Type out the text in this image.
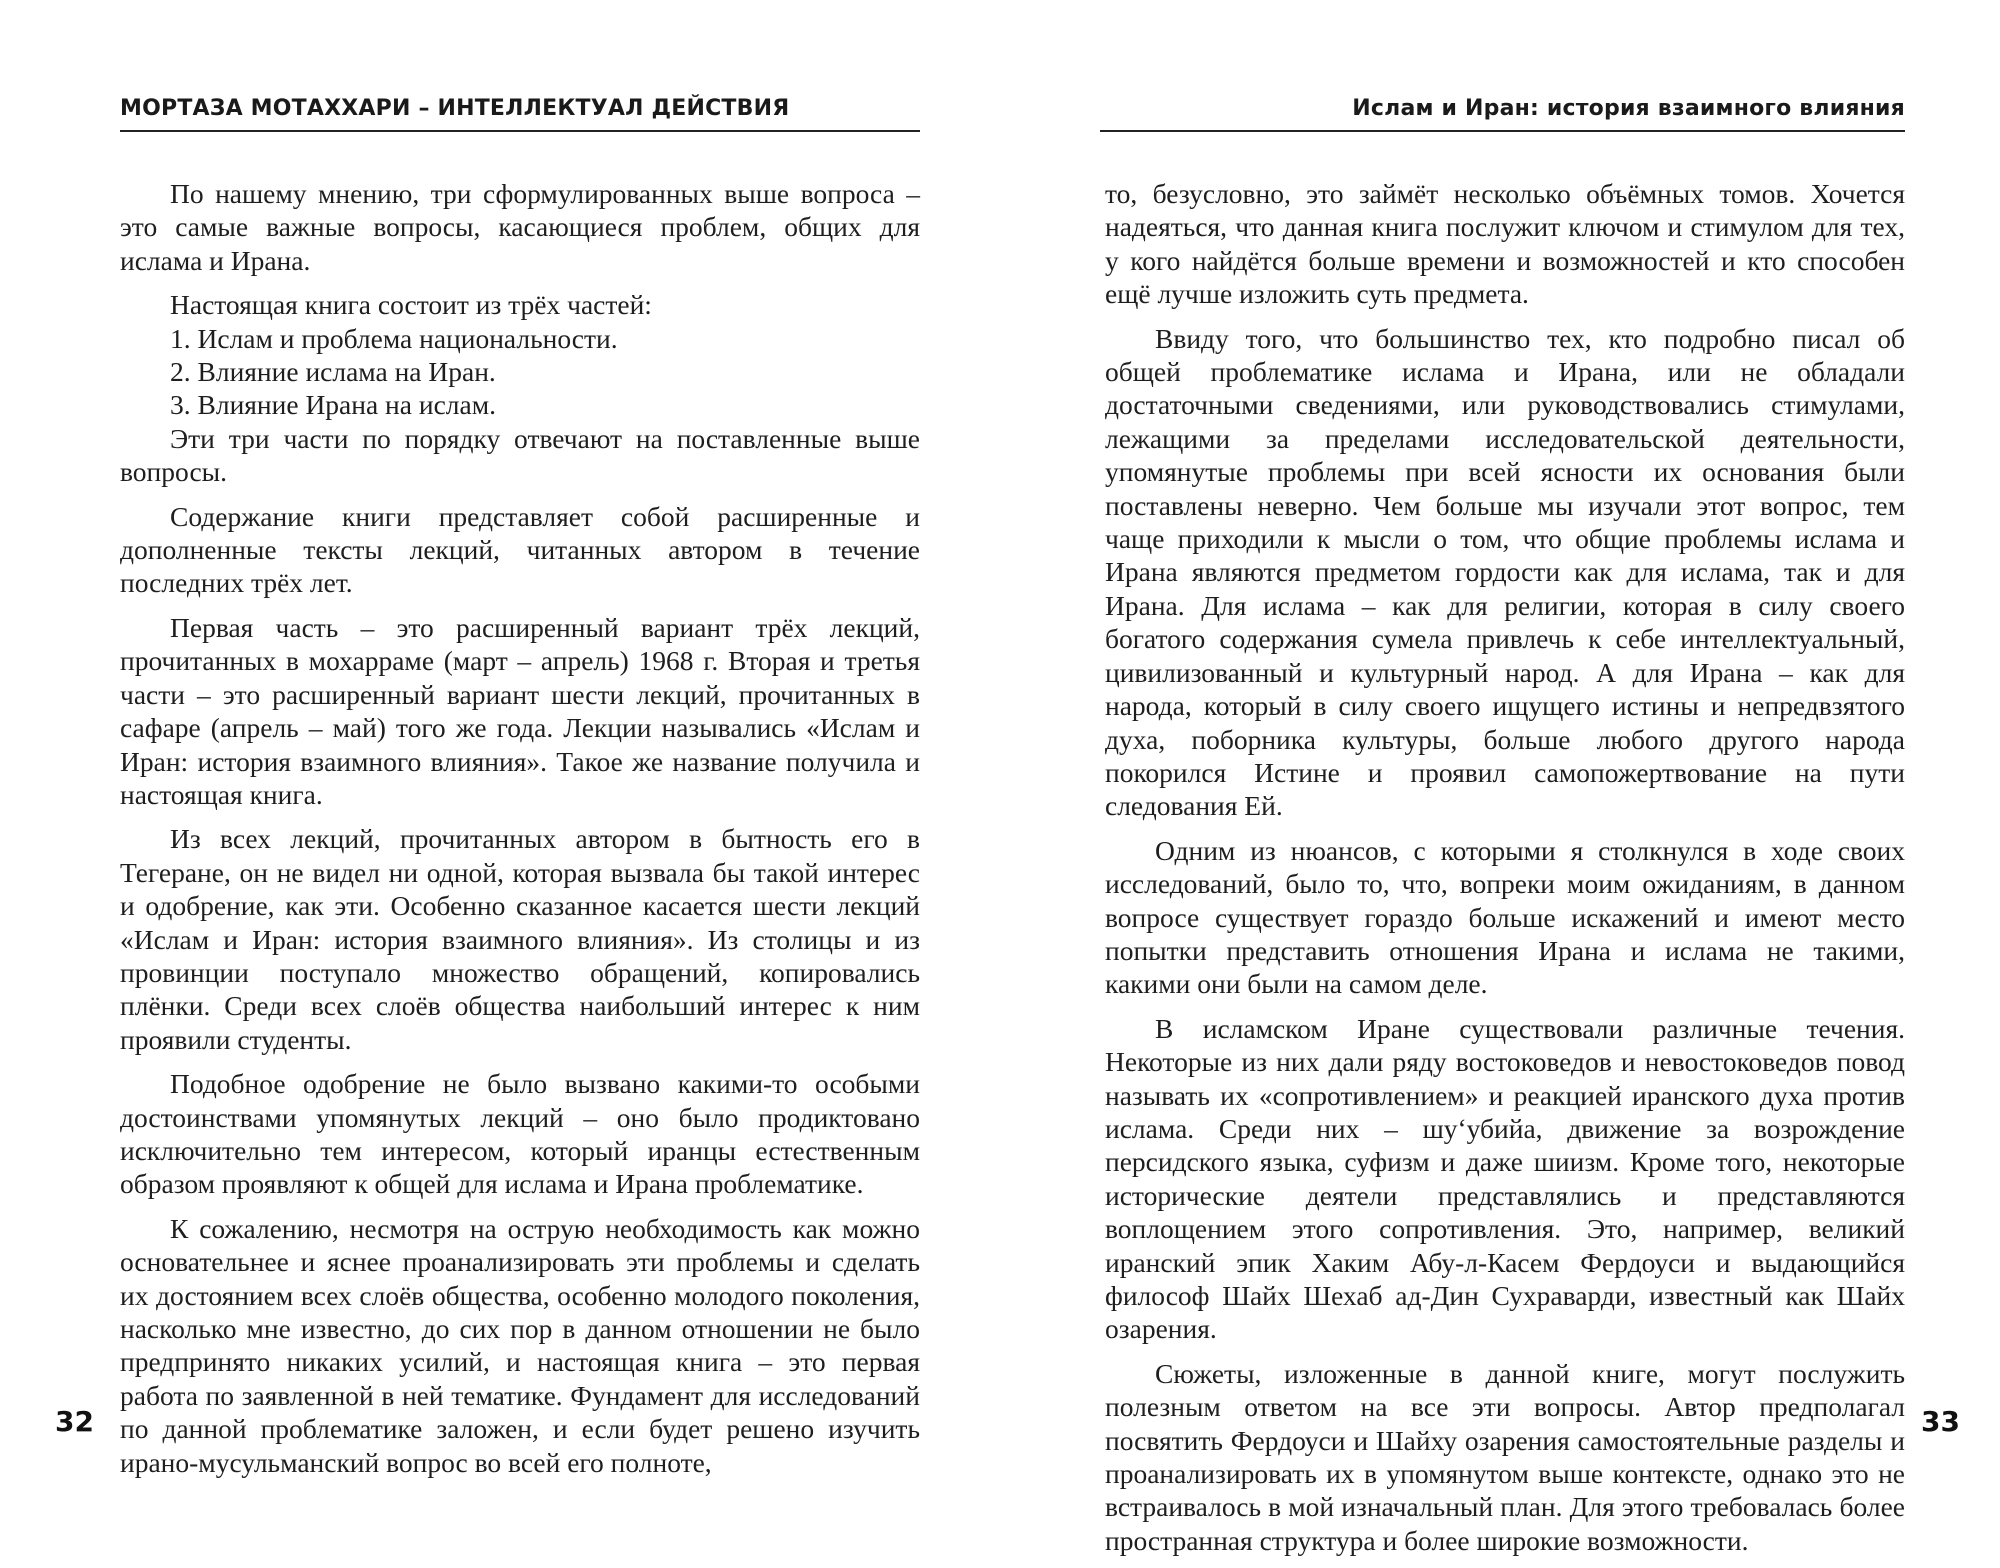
МОРТАЗА МОТАХХАРИ – ИНТЕЛЛЕКТУАЛ ДЕЙСТВИЯ

По нашему мнению, три сформулированных выше вопроса – это самые важные вопросы, касающиеся проблем, общих для ислама и Ирана.

Настоящая книга состоит из трёх частей:

1. Ислам и проблема национальности.

2. Влияние ислама на Иран.

3. Влияние Ирана на ислам.

Эти три части по порядку отвечают на поставленные выше вопросы.

Содержание книги представляет собой расширенные и дополненные тексты лекций, читанных автором в течение последних трёх лет.

Первая часть – это расширенный вариант трёх лекций, прочитанных в мохарраме (март – апрель) 1968 г. Вторая и третья части – это расширенный вариант шести лекций, прочитанных в сафаре (апрель – май) того же года. Лекции назывались «Ислам и Иран: история взаимного влияния». Такое же название получила и настоящая книга.

Из всех лекций, прочитанных автором в бытность его в Тегеране, он не видел ни одной, которая вызвала бы такой интерес и одобрение, как эти. Особенно сказанное касается шести лекций «Ислам и Иран: история взаимного влияния». Из столицы и из провинции поступало множество обращений, копировались плёнки. Среди всех слоёв общества наибольший интерес к ним проявили студенты.

Подобное одобрение не было вызвано какими-то особыми достоинствами упомянутых лекций – оно было продиктовано исключительно тем интересом, который иранцы естественным образом проявляют к общей для ислама и Ирана проблематике.

К сожалению, несмотря на острую необходимость как можно основательнее и яснее проанализировать эти проблемы и сделать их достоянием всех слоёв общества, особенно молодого поколения, насколько мне известно, до сих пор в данном отношении не было предпринято никаких усилий, и настоящая книга – это первая работа по заявленной в ней тематике. Фундамент для исследований по данной проблематике заложен, и если будет решено изучить ирано-мусульманский вопрос во всей его полноте,

32
Ислам и Иран: история взаимного влияния

то, безусловно, это займёт несколько объёмных томов. Хочется надеяться, что данная книга послужит ключом и стимулом для тех, у кого найдётся больше времени и возможностей и кто способен ещё лучше изложить суть предмета.

Ввиду того, что большинство тех, кто подробно писал об общей проблематике ислама и Ирана, или не обладали достаточными сведениями, или руководствовались стимулами, лежащими за пределами исследовательской деятельности, упомянутые проблемы при всей ясности их основания были поставлены неверно. Чем больше мы изучали этот вопрос, тем чаще приходили к мысли о том, что общие проблемы ислама и Ирана являются предметом гордости как для ислама, так и для Ирана. Для ислама – как для религии, которая в силу своего богатого содержания сумела привлечь к себе интеллектуальный, цивилизованный и культурный народ. А для Ирана – как для народа, который в силу своего ищущего истины и непредвзятого духа, поборника культуры, больше любого другого народа покорился Истине и проявил самопожертвование на пути следования Ей.

Одним из нюансов, с которыми я столкнулся в ходе своих исследований, было то, что, вопреки моим ожиданиям, в данном вопросе существует гораздо больше искажений и имеют место попытки представить отношения Ирана и ислама не такими, какими они были на самом деле.

В исламском Иране существовали различные течения. Некоторые из них дали ряду востоковедов и невостоковедов повод называть их «сопротивлением» и реакцией иранского духа против ислама. Среди них – шу‘убийа, движение за возрождение персидского языка, суфизм и даже шиизм. Кроме того, некоторые исторические деятели представлялись и представляются воплощением этого сопротивления. Это, например, великий иранский эпик Хаким Абу-л-Касем Фердоуси и выдающийся философ Шайх Шехаб ад-Дин Сухраварди, известный как Шайх озарения.

Сюжеты, изложенные в данной книге, могут послужить полезным ответом на все эти вопросы. Автор предполагал посвятить Фердоуси и Шайху озарения самостоятельные разделы и проанализировать их в упомянутом выше контексте, однако это не встраивалось в мой изначальный план. Для этого требовалась более пространная структура и более широкие возможности.

33
